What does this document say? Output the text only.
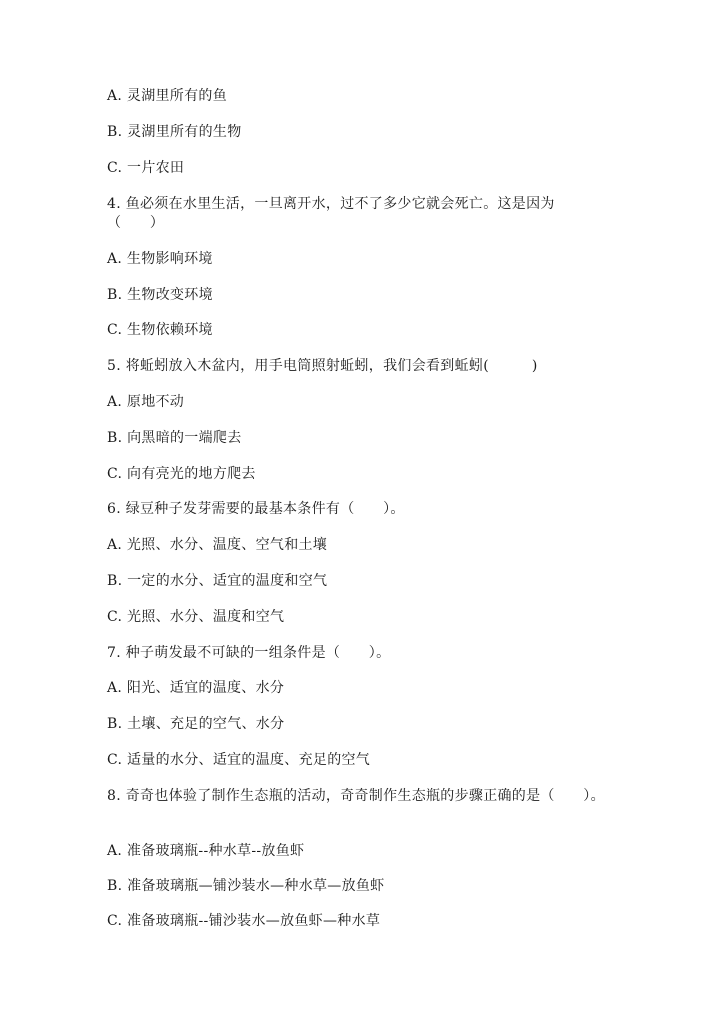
A. 灵湖里所有的鱼
B. 灵湖里所有的生物
C. 一片农田
4. 鱼必须在水里生活，一旦离开水，过不了多少它就会死亡。这是因为
（　　）
A. 生物影响环境
B. 生物改变环境
C. 生物依赖环境
5. 将蚯蚓放入木盆内，用手电筒照射蚯蚓，我们会看到蚯蚓(　　　)
A. 原地不动
B. 向黑暗的一端爬去
C. 向有亮光的地方爬去
6. 绿豆种子发芽需要的最基本条件有（　　）。
A. 光照、水分、温度、空气和土壤
B. 一定的水分、适宜的温度和空气
C. 光照、水分、温度和空气
7. 种子萌发最不可缺的一组条件是（　　）。
A. 阳光、适宜的温度、水分
B. 土壤、充足的空气、水分
C. 适量的水分、适宜的温度、充足的空气
8. 奇奇也体验了制作生态瓶的活动，奇奇制作生态瓶的步骤正确的是（　　）。
A. 准备玻璃瓶--种水草--放鱼虾
B. 准备玻璃瓶—铺沙装水—种水草—放鱼虾
C. 准备玻璃瓶--铺沙装水—放鱼虾—种水草
